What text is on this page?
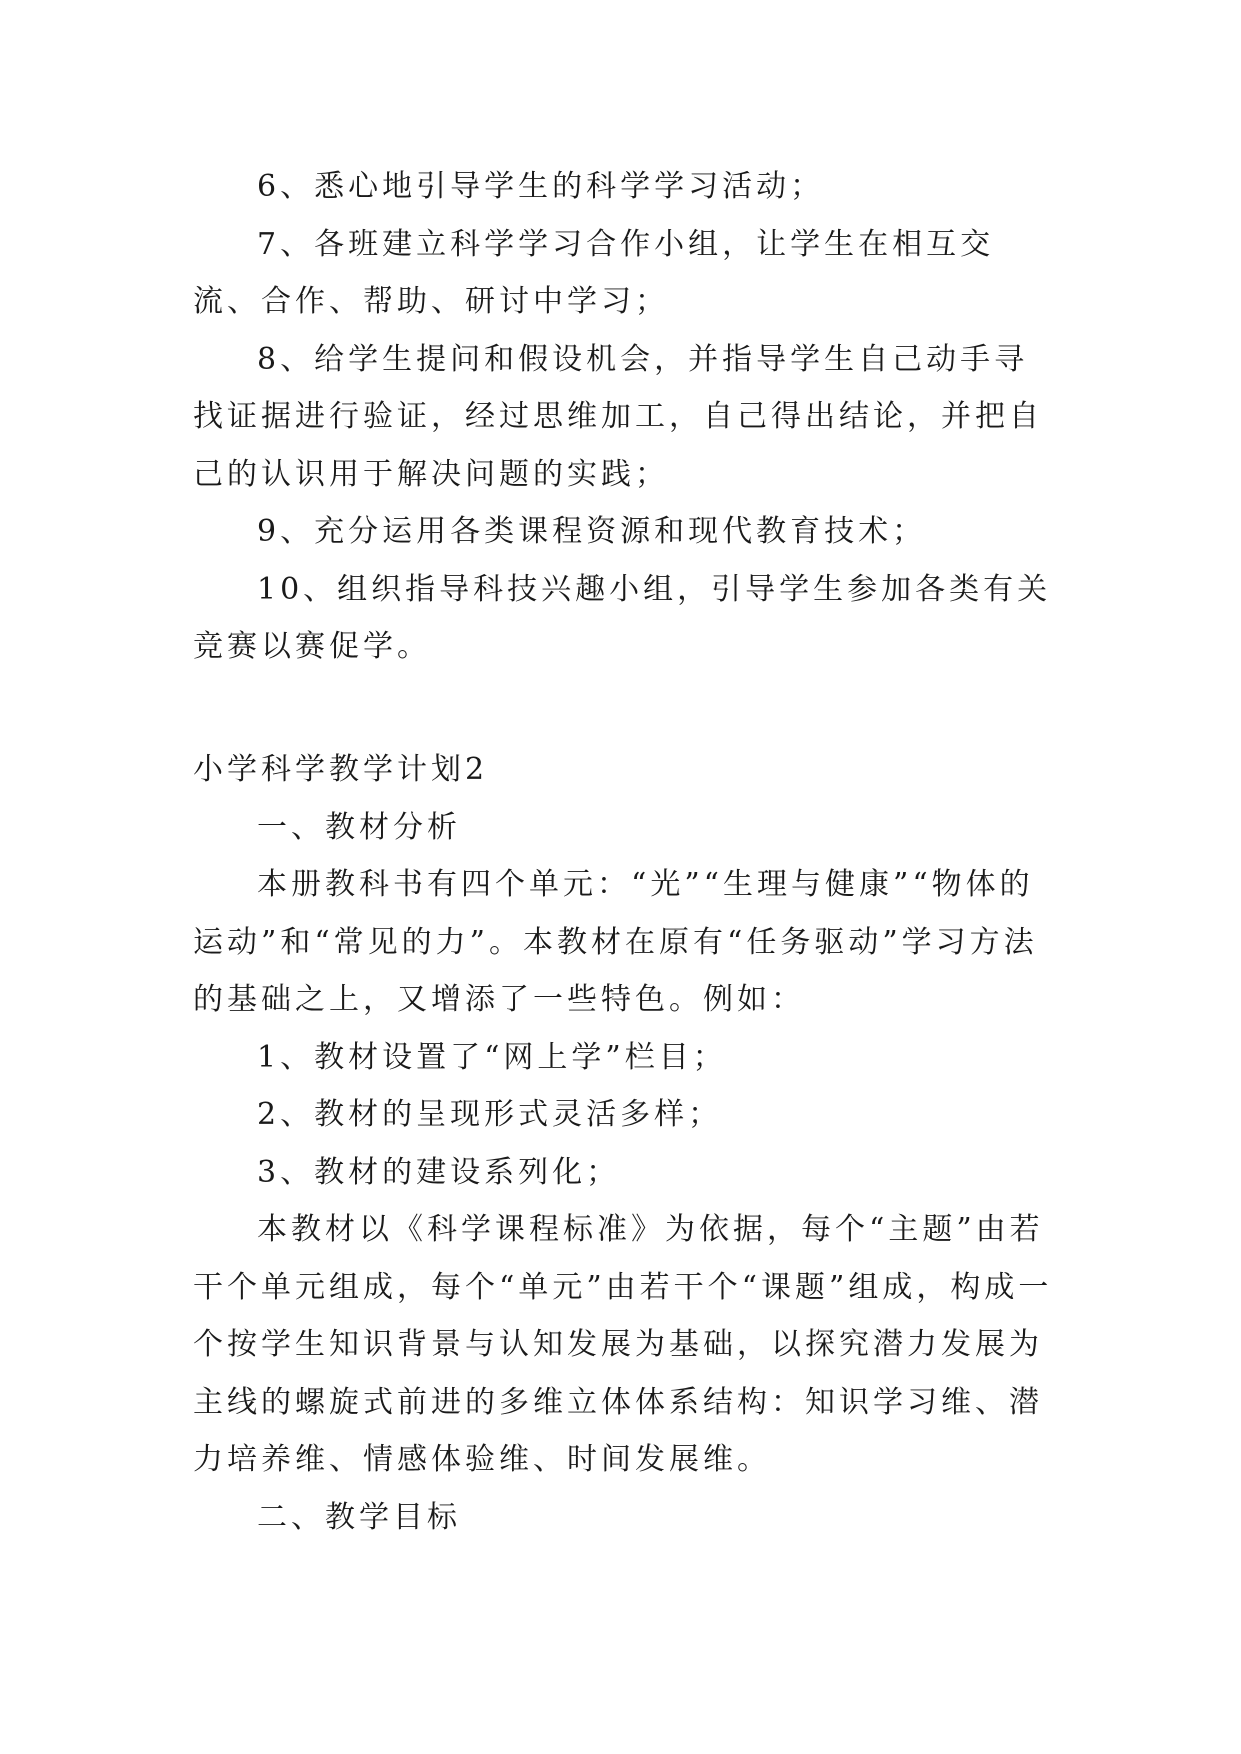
6、悉心地引导学生的科学学习活动；

7、各班建立科学学习合作小组，让学生在相互交流、合作、帮助、研讨中学习；

8、给学生提问和假设机会，并指导学生自己动手寻找证据进行验证，经过思维加工，自己得出结论，并把自己的认识用于解决问题的实践；

9、充分运用各类课程资源和现代教育技术；

10、组织指导科技兴趣小组，引导学生参加各类有关竞赛以赛促学。

小学科学教学计划2

一、教材分析

本册教科书有四个单元：“光”“生理与健康”“物体的运动”和“常见的力”。本教材在原有“任务驱动”学习方法的基础之上，又增添了一些特色。例如：

1、教材设置了“网上学”栏目；

2、教材的呈现形式灵活多样；

3、教材的建设系列化；

本教材以《科学课程标准》为依据，每个“主题”由若干个单元组成，每个“单元”由若干个“课题”组成，构成一个按学生知识背景与认知发展为基础，以探究潜力发展为主线的螺旋式前进的多维立体体系结构：知识学习维、潜力培养维、情感体验维、时间发展维。

二、教学目标
